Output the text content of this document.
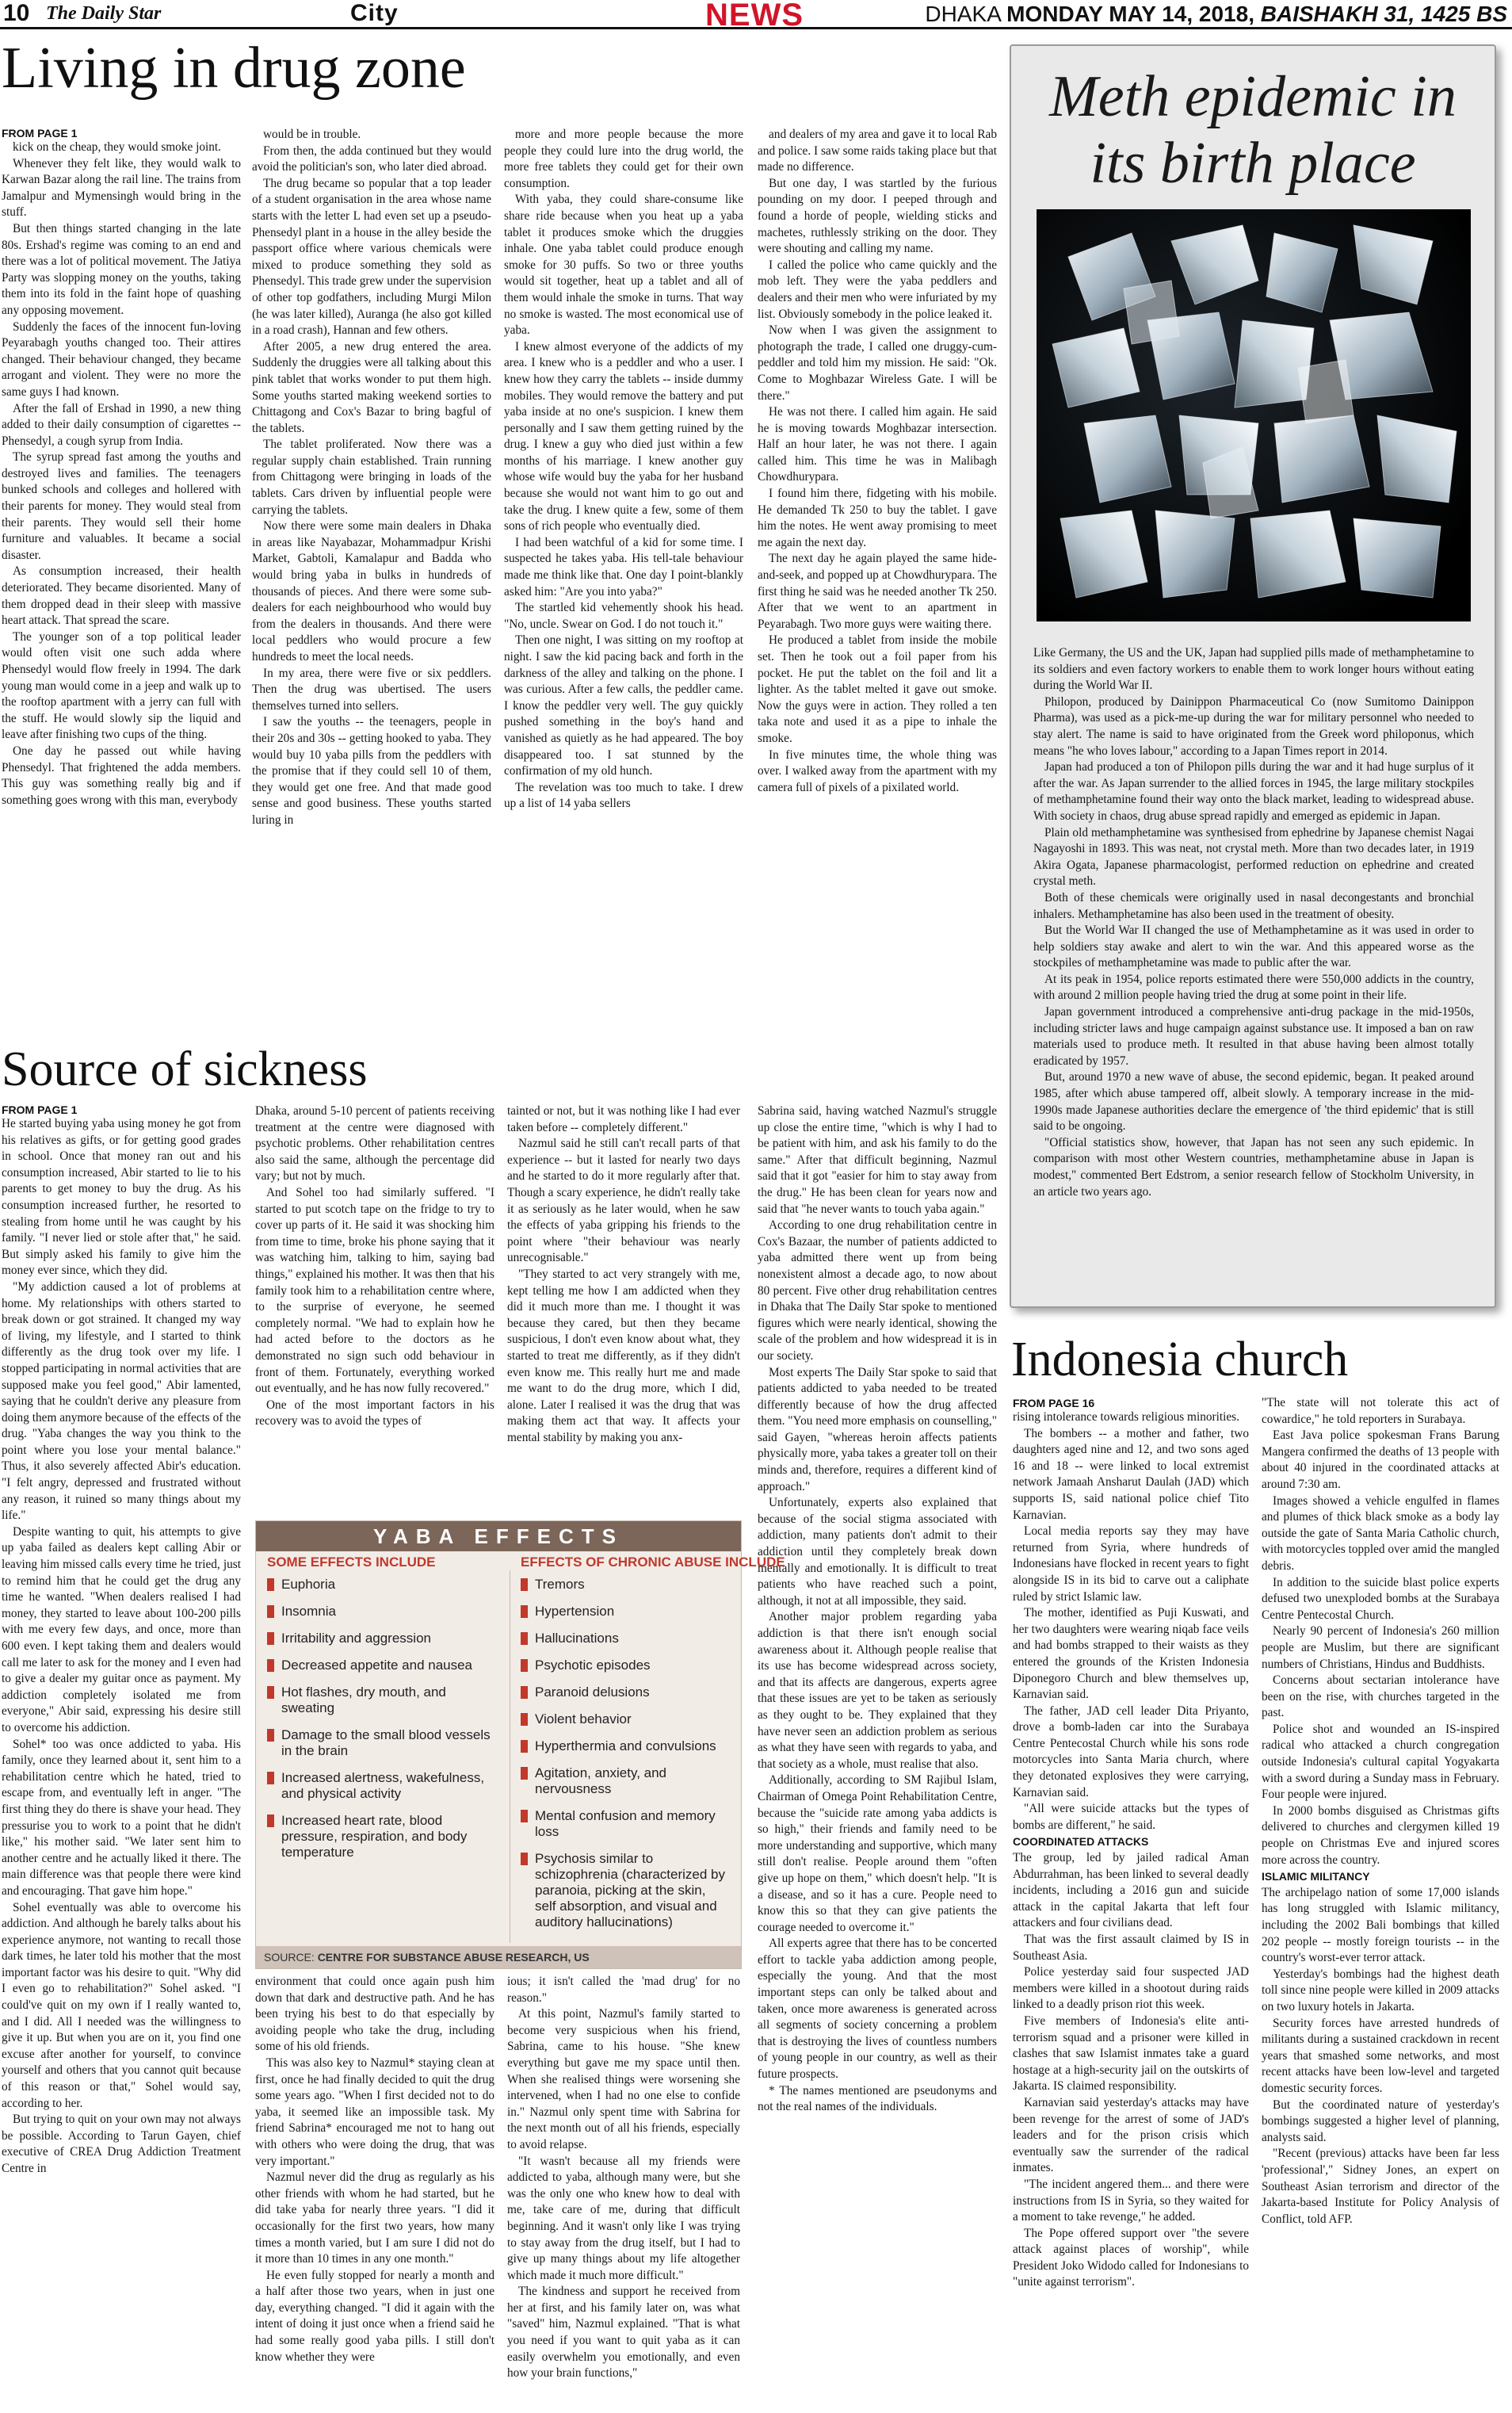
10 The Daily Star	City	NEWS	DHAKA MONDAY MAY 14, 2018, BAISHAKH 31, 1425 BS
Living in drug zone
FROM PAGE 1

kick on the cheap, they would smoke joint.

Whenever they felt like, they would walk to Karwan Bazar along the rail line. The trains from Jamalpur and Mymensingh would bring in the stuff.

But then things started changing in the late 80s. Ershad's regime was coming to an end and there was a lot of political movement. The Jatiya Party was slopping money on the youths, taking them into its fold in the faint hope of quashing any opposing movement.

Suddenly the faces of the innocent fun-loving Peyarabagh youths changed too. Their attires changed. Their behaviour changed, they became arrogant and violent. They were no more the same guys I had known.

After the fall of Ershad in 1990, a new thing added to their daily consumption of cigarettes -- Phensedyl, a cough syrup from India.

The syrup spread fast among the youths and destroyed lives and families. The teenagers bunked schools and colleges and hollered with their parents for money. They would steal from their parents. They would sell their home furniture and valuables. It became a social disaster.

As consumption increased, their health deteriorated. They became disoriented. Many of them dropped dead in their sleep with massive heart attack. That spread the scare.

The younger son of a top political leader would often visit one such adda where Phensedyl would flow freely in 1994. The dark young man would come in a jeep and walk up to the rooftop apartment with a jerry can full with the stuff. He would slowly sip the liquid and leave after finishing two cups of the thing.

One day he passed out while having Phensedyl. That frightened the adda members. This guy was something really big and if something goes wrong with this man, everybody

would be in trouble.

From then, the adda continued but they would avoid the politician's son, who later died abroad.

The drug became so popular that a top leader of a student organisation in the area whose name starts with the letter L had even set up a pseudo-Phensedyl plant in a house in the alley beside the passport office where various chemicals were mixed to produce something they sold as Phensedyl. This trade grew under the supervision of other top godfathers, including Murgi Milon (he was later killed), Auranga (he also got killed in a road crash), Hannan and few others.

After 2005, a new drug entered the area. Suddenly the druggies were all talking about this pink tablet that works wonder to put them high. Some youths started making weekend sorties to Chittagong and Cox's Bazar to bring bagful of the tablets.

The tablet proliferated. Now there was a regular supply chain established. Train running from Chittagong were bringing in loads of the tablets. Cars driven by influential people were carrying the tablets.

Now there were some main dealers in Dhaka in areas like Nayabazar, Mohammadpur Krishi Market, Gabtoli, Kamalapur and Badda who would bring yaba in bulks in hundreds of thousands of pieces. And there were some sub-dealers for each neighbourhood who would buy from the dealers in thousands. And there were local peddlers who would procure a few hundreds to meet the local needs.

In my area, there were five or six peddlers. Then the drug was ubertised. The users themselves turned into sellers.

I saw the youths -- the teenagers, people in their 20s and 30s -- getting hooked to yaba. They would buy 10 yaba pills from the peddlers with the promise that if they could sell 10 of them, they would get one free. And that made good sense and good business. These youths started luring in

more and more people because the more people they could lure into the drug world, the more free tablets they could get for their own consumption.

With yaba, they could share-consume like share ride because when you heat up a yaba tablet it produces smoke which the druggies inhale. One yaba tablet could produce enough smoke for 30 puffs. So two or three youths would sit together, heat up a tablet and all of them would inhale the smoke in turns. That way no smoke is wasted. The most economical use of yaba.

I knew almost everyone of the addicts of my area. I knew who is a peddler and who a user. I knew how they carry the tablets -- inside dummy mobiles. They would remove the battery and put yaba inside at no one's suspicion. I knew them personally and I saw them getting ruined by the drug. I knew a guy who died just within a few months of his marriage. I knew another guy whose wife would buy the yaba for her husband because she would not want him to go out and take the drug. I knew quite a few, some of them sons of rich people who eventually died.

I had been watchful of a kid for some time. I suspected he takes yaba. His tell-tale behaviour made me think like that. One day I point-blankly asked him: "Are you into yaba?"

The startled kid vehemently shook his head. "No, uncle. Swear on God. I do not touch it."

Then one night, I was sitting on my rooftop at night. I saw the kid pacing back and forth in the darkness of the alley and talking on the phone. I was curious. After a few calls, the peddler came. I know the peddler very well. The guy quickly pushed something in the boy's hand and vanished as quietly as he had appeared. The boy disappeared too. I sat stunned by the confirmation of my old hunch.

The revelation was too much to take. I drew up a list of 14 yaba sellers

and dealers of my area and gave it to local Rab and police. I saw some raids taking place but that made no difference.

But one day, I was startled by the furious pounding on my door. I peeped through and found a horde of people, wielding sticks and machetes, ruthlessly striking on the door. They were shouting and calling my name.

I called the police who came quickly and the mob left. They were the yaba peddlers and dealers and their men who were infuriated by my list. Obviously somebody in the police leaked it.

Now when I was given the assignment to photograph the trade, I called one druggy-cum-peddler and told him my mission. He said: "Ok. Come to Moghbazar Wireless Gate. I will be there."

He was not there. I called him again. He said he is moving towards Moghbazar intersection. Half an hour later, he was not there. I again called him. This time he was in Malibagh Chowdhurypara.

I found him there, fidgeting with his mobile. He demanded Tk 250 to buy the tablet. I gave him the notes. He went away promising to meet me again the next day.

The next day he again played the same hide-and-seek, and popped up at Chowdhurypara. The first thing he said was he needed another Tk 250. After that we went to an apartment in Peyarabagh. Two more guys were waiting there.

He produced a tablet from inside the mobile set. Then he took out a foil paper from his pocket. He put the tablet on the foil and lit a lighter. As the tablet melted it gave out smoke. Now the guys were in action. They rolled a ten taka note and used it as a pipe to inhale the smoke.

In five minutes time, the whole thing was over. I walked away from the apartment with my camera full of pixels of a pixilated world.

Meth epidemic in
its birth place

Like Germany, the US and the UK, Japan had supplied pills made of methamphetamine to its soldiers and even factory workers to enable them to work longer hours without eating during the World War II.

Philopon, produced by Dainippon Pharmaceutical Co (now Sumitomo Dainippon Pharma), was used as a pick-me-up during the war for military personnel who needed to stay alert. The name is said to have originated from the Greek word philoponus, which means "he who loves labour," according to a Japan Times report in 2014.

Japan had produced a ton of Philopon pills during the war and it had huge surplus of it after the war. As Japan surrender to the allied forces in 1945, the large military stockpiles of methamphetamine found their way onto the black market, leading to widespread abuse. With society in chaos, drug abuse spread rapidly and emerged as epidemic in Japan.

Plain old methamphetamine was synthesised from ephedrine by Japanese chemist Nagai Nagayoshi in 1893. This was neat, not crystal meth. More than two decades later, in 1919 Akira Ogata, Japanese pharmacologist, performed reduction on ephedrine and created crystal meth.

Both of these chemicals were originally used in nasal decongestants and bronchial inhalers. Methamphetamine has also been used in the treatment of obesity.

But the World War II changed the use of Methamphetamine as it was used in order to help soldiers stay awake and alert to win the war. And this appeared worse as the stockpiles of methamphetamine was made to public after the war.

At its peak in 1954, police reports estimated there were 550,000 addicts in the country, with around 2 million people having tried the drug at some point in their life.

Japan government introduced a comprehensive anti-drug package in the mid-1950s, including stricter laws and huge campaign against substance use. It imposed a ban on raw materials used to produce meth. It resulted in that abuse having been almost totally eradicated by 1957.

But, around 1970 a new wave of abuse, the second epidemic, began. It peaked around 1985, after which abuse tampered off, albeit slowly. A temporary increase in the mid-1990s made Japanese authorities declare the emergence of 'the third epidemic' that is still said to be ongoing.

"Official statistics show, however, that Japan has not seen any such epidemic. In comparison with most other Western countries, methamphetamine abuse in Japan is modest," commented Bert Edstrom, a senior research fellow of Stockholm University, in an article two years ago.

Source of sickness
FROM PAGE 1

He started buying yaba using money he got from his relatives as gifts, or for getting good grades in school. Once that money ran out and his consumption increased, Abir started to lie to his parents to get money to buy the drug. As his consumption increased further, he resorted to stealing from home until he was caught by his family. "I never lied or stole after that," he said. But simply asked his family to give him the money ever since, which they did.

"My addiction caused a lot of problems at home. My relationships with others started to break down or got strained. It changed my way of living, my lifestyle, and I started to think differently as the drug took over my life. I stopped participating in normal activities that are supposed make you feel good," Abir lamented, saying that he couldn't derive any pleasure from doing them anymore because of the effects of the drug. "Yaba changes the way you think to the point where you lose your mental balance." Thus, it also severely affected Abir's education. "I felt angry, depressed and frustrated without any reason, it ruined so many things about my life."

Despite wanting to quit, his attempts to give up yaba failed as dealers kept calling Abir or leaving him missed calls every time he tried, just to remind him that he could get the drug any time he wanted. "When dealers realised I had money, they started to leave about 100-200 pills with me every few days, and once, more than 600 even. I kept taking them and dealers would call me later to ask for the money and I even had to give a dealer my guitar once as payment. My addiction completely isolated me from everyone," Abir said, expressing his desire still to overcome his addiction.

Sohel* too was once addicted to yaba. His family, once they learned about it, sent him to a rehabilitation centre which he hated, tried to escape from, and eventually left in anger. "The first thing they do there is shave your head. They pressurise you to work to a point that he didn't like," his mother said. "We later sent him to another centre and he actually liked it there. The main difference was that people there were kind and encouraging. That gave him hope."

Sohel eventually was able to overcome his addiction. And although he barely talks about his experience anymore, not wanting to recall those dark times, he later told his mother that the most important factor was his desire to quit. "Why did I even go to rehabilitation?" Sohel asked. "I could've quit on my own if I really wanted to, and I did. All I needed was the willingness to give it up. But when you are on it, you find one excuse after another for yourself, to convince yourself and others that you cannot quit because of this reason or that," Sohel would say, according to her.

But trying to quit on your own may not always be possible. According to Tarun Gayen, chief executive of CREA Drug Addiction Treatment Centre in

Dhaka, around 5-10 percent of patients receiving treatment at the centre were diagnosed with psychotic problems. Other rehabilitation centres also said the same, although the percentage did vary; but not by much.

And Sohel too had similarly suffered. "I started to put scotch tape on the fridge to try to cover up parts of it. He said it was shocking him from time to time, broke his phone saying that it was watching him, talking to him, saying bad things," explained his mother. It was then that his family took him to a rehabilitation centre where, to the surprise of everyone, he seemed completely normal. "We had to explain how he had acted before to the doctors as he demonstrated no sign such odd behaviour in front of them. Fortunately, everything worked out eventually, and he has now fully recovered."

One of the most important factors in his recovery was to avoid the types of

tainted or not, but it was nothing like I had ever taken before -- completely different."

Nazmul said he still can't recall parts of that experience -- but it lasted for nearly two days and he started to do it more regularly after that. Though a scary experience, he didn't really take it as seriously as he later would, when he saw the effects of yaba gripping his friends to the point where "their behaviour was nearly unrecognisable."

"They started to act very strangely with me, kept telling me how I am addicted when they did it much more than me. I thought it was because they cared, but then they became suspicious, I don't even know about what, they started to treat me differently, as if they didn't even know me. This really hurt me and made me want to do the drug more, which I did, alone. Later I realised it was the drug that was making them act that way. It affects your mental stability by making you anx-

environment that could once again push him down that dark and destructive path. And he has been trying his best to do that especially by avoiding people who take the drug, including some of his old friends.

This was also key to Nazmul* staying clean at first, once he had finally decided to quit the drug some years ago. "When I first decided not to do yaba, it seemed like an impossible task. My friend Sabrina* encouraged me not to hang out with others who were doing the drug, that was very important."

Nazmul never did the drug as regularly as his other friends with whom he had started, but he did take yaba for nearly three years. "I did it occasionally for the first two years, how many times a month varied, but I am sure I did not do it more than 10 times in any one month."

He even fully stopped for nearly a month and a half after those two years, when in just one day, everything changed. "I did it again with the intent of doing it just once when a friend said he had some really good yaba pills. I still don't know whether they were

ious; it isn't called the 'mad drug' for no reason."

At this point, Nazmul's family started to become very suspicious when his friend, Sabrina, came to his house. "She knew everything but gave me my space until then. When she realised things were worsening she intervened, when I had no one else to confide in." Nazmul only spent time with Sabrina for the next month out of all his friends, especially to avoid relapse.

"It wasn't because all my friends were addicted to yaba, although many were, but she was the only one who knew how to deal with me, take care of me, during that difficult beginning. And it wasn't only like I was trying to stay away from the drug itself, but I had to give up many things about my life altogether which made it much more difficult."

The kindness and support he received from her at first, and his family later on, was what "saved" him, Nazmul explained. "That is what you need if you want to quit yaba as it can easily overwhelm you emotionally, and even how your brain functions,"

Sabrina said, having watched Nazmul's struggle up close the entire time, "which is why I had to be patient with him, and ask his family to do the same." After that difficult beginning, Nazmul said that it got "easier for him to stay away from the drug." He has been clean for years now and said that "he never wants to touch yaba again."

According to one drug rehabilitation centre in Cox's Bazaar, the number of patients addicted to yaba admitted there went up from being nonexistent almost a decade ago, to now about 80 percent. Five other drug rehabilitation centres in Dhaka that The Daily Star spoke to mentioned figures which were nearly identical, showing the scale of the problem and how widespread it is in our society.

Most experts The Daily Star spoke to said that patients addicted to yaba needed to be treated differently because of how the drug affected them. "You need more emphasis on counselling," said Gayen, "whereas heroin affects patients physically more, yaba takes a greater toll on their minds and, therefore, requires a different kind of approach."

Unfortunately, experts also explained that because of the social stigma associated with addiction, many patients don't admit to their addiction until they completely break down mentally and emotionally. It is difficult to treat patients who have reached such a point, although, it not at all impossible, they said.

Another major problem regarding yaba addiction is that there isn't enough social awareness about it. Although people realise that its use has become widespread across society, and that its affects are dangerous, experts agree that these issues are yet to be taken as seriously as they ought to be. They explained that they have never seen an addiction problem as serious as what they have seen with regards to yaba, and that society as a whole, must realise that also.

Additionally, according to SM Rajibul Islam, Chairman of Omega Point Rehabilitation Centre, because the "suicide rate among yaba addicts is so high," their friends and family need to be more understanding and supportive, which many still don't realise. People around them "often give up hope on them," which doesn't help. "It is a disease, and so it has a cure. People need to know this so that they can give patients the courage needed to overcome it."

All experts agree that there has to be concerted effort to tackle yaba addiction among people, especially the young. And that the most important steps can only be talked about and taken, once more awareness is generated across all segments of society concerning a problem that is destroying the lives of countless numbers of young people in our country, as well as their future prospects.

* The names mentioned are pseudonyms and not the real names of the individuals.

YABA EFFECTS
SOME EFFECTS INCLUDE	EFFECTS OF CHRONIC ABUSE INCLUDE
Euphoria
Insomnia
Irritability and aggression
Decreased appetite and nausea
Hot flashes, dry mouth, and sweating
Damage to the small blood vessels in the brain
Increased alertness, wakefulness, and physical activity
Increased heart rate, blood pressure, respiration, and body temperature
Tremors
Hypertension
Hallucinations
Psychotic episodes
Paranoid delusions
Violent behavior
Hyperthermia and convulsions
Agitation, anxiety, and nervousness
Mental confusion and memory loss
Psychosis similar to schizophrenia (characterized by paranoia, picking at the skin, self absorption, and visual and auditory hallucinations)
SOURCE: CENTRE FOR SUBSTANCE ABUSE RESEARCH, US
Indonesia church
FROM PAGE 16

rising intolerance towards religious minorities.

The bombers -- a mother and father, two daughters aged nine and 12, and two sons aged 16 and 18 -- were linked to local extremist network Jamaah Ansharut Daulah (JAD) which supports IS, said national police chief Tito Karnavian.

Local media reports say they may have returned from Syria, where hundreds of Indonesians have flocked in recent years to fight alongside IS in its bid to carve out a caliphate ruled by strict Islamic law.

The mother, identified as Puji Kuswati, and her two daughters were wearing niqab face veils and had bombs strapped to their waists as they entered the grounds of the Kristen Indonesia Diponegoro Church and blew themselves up, Karnavian said.

The father, JAD cell leader Dita Priyanto, drove a bomb-laden car into the Surabaya Centre Pentecostal Church while his sons rode motorcycles into Santa Maria church, where they detonated explosives they were carrying, Karnavian said.

"All were suicide attacks but the types of bombs are different," he said.

COORDINATED ATTACKS

The group, led by jailed radical Aman Abdurrahman, has been linked to several deadly incidents, including a 2016 gun and suicide attack in the capital Jakarta that left four attackers and four civilians dead.

That was the first assault claimed by IS in Southeast Asia.

Police yesterday said four suspected JAD members were killed in a shootout during raids linked to a deadly prison riot this week.

Five members of Indonesia's elite anti-terrorism squad and a prisoner were killed in clashes that saw Islamist inmates take a guard hostage at a high-security jail on the outskirts of Jakarta. IS claimed responsibility.

Karnavian said yesterday's attacks may have been revenge for the arrest of some of JAD's leaders and for the prison crisis which eventually saw the surrender of the radical inmates.

"The incident angered them... and there were instructions from IS in Syria, so they waited for a moment to take revenge," he added.

The Pope offered support over "the severe attack against places of worship", while President Joko Widodo called for Indonesians to "unite against terrorism".

"The state will not tolerate this act of cowardice," he told reporters in Surabaya.

East Java police spokesman Frans Barung Mangera confirmed the deaths of 13 people with about 40 injured in the coordinated attacks at around 7:30 am.

Images showed a vehicle engulfed in flames and plumes of thick black smoke as a body lay outside the gate of Santa Maria Catholic church, with motorcycles toppled over amid the mangled debris.

In addition to the suicide blast police experts defused two unexploded bombs at the Surabaya Centre Pentecostal Church.

Nearly 90 percent of Indonesia's 260 million people are Muslim, but there are significant numbers of Christians, Hindus and Buddhists.

Concerns about sectarian intolerance have been on the rise, with churches targeted in the past.

Police shot and wounded an IS-inspired radical who attacked a church congregation outside Indonesia's cultural capital Yogyakarta with a sword during a Sunday mass in February. Four people were injured.

In 2000 bombs disguised as Christmas gifts delivered to churches and clergymen killed 19 people on Christmas Eve and injured scores more across the country.

ISLAMIC MILITANCY

The archipelago nation of some 17,000 islands has long struggled with Islamic militancy, including the 2002 Bali bombings that killed 202 people -- mostly foreign tourists -- in the country's worst-ever terror attack.

Yesterday's bombings had the highest death toll since nine people were killed in 2009 attacks on two luxury hotels in Jakarta.

Security forces have arrested hundreds of militants during a sustained crackdown in recent years that smashed some networks, and most recent attacks have been low-level and targeted domestic security forces.

But the coordinated nature of yesterday's bombings suggested a higher level of planning, analysts said.

"Recent (previous) attacks have been far less 'professional'," Sidney Jones, an expert on Southeast Asian terrorism and director of the Jakarta-based Institute for Policy Analysis of Conflict, told AFP.
